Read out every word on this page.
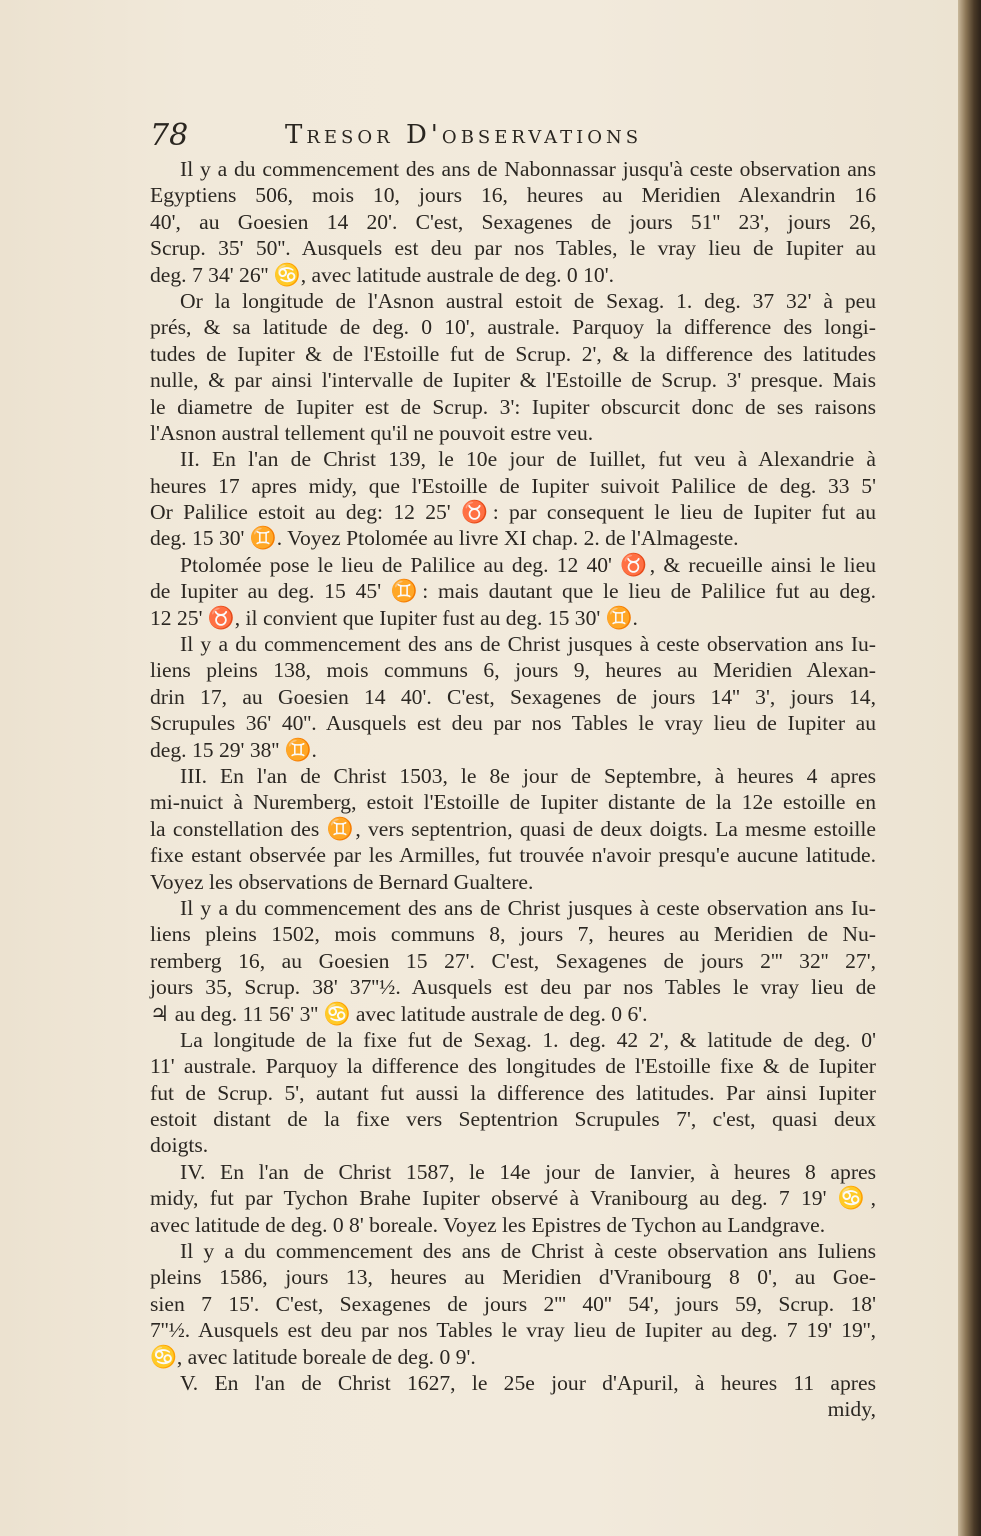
78	Tresor D'observations
Il y a du commencement des ans de Nabonnassar jusqu'à ceste observation ans
Egyptiens 506, mois 10, jours 16, heures au Meridien Alexandrin 16
40', au Goesien 14 20'. C'est, Sexagenes de jours 51'' 23', jours 26,
Scrup. 35' 50''. Ausquels est deu par nos Tables, le vray lieu de Iupiter au
deg. 7 34' 26'' ♋, avec latitude australe de deg. 0 10'.
Or la longitude de l'Asnon austral estoit de Sexag. 1. deg. 37 32' à peu
prés, & sa latitude de deg. 0 10', australe. Parquoy la difference des longi-
tudes de Iupiter & de l'Estoille fut de Scrup. 2', & la difference des latitudes
nulle, & par ainsi l'intervalle de Iupiter & l'Estoille de Scrup. 3' presque. Mais
le diametre de Iupiter est de Scrup. 3': Iupiter obscurcit donc de ses raisons
l'Asnon austral tellement qu'il ne pouvoit estre veu.
II. En l'an de Christ 139, le 10e jour de Iuillet, fut veu à Alexandrie à
heures 17 apres midy, que l'Estoille de Iupiter suivoit Palilice de deg. 33 5'
Or Palilice estoit au deg: 12 25' ♉: par consequent le lieu de Iupiter fut au
deg. 15 30' ♊. Voyez Ptolomée au livre XI chap. 2. de l'Almageste.
Ptolomée pose le lieu de Palilice au deg. 12 40' ♉, & recueille ainsi le lieu
de Iupiter au deg. 15 45' ♊: mais dautant que le lieu de Palilice fut au deg.
12 25' ♉, il convient que Iupiter fust au deg. 15 30' ♊.
Il y a du commencement des ans de Christ jusques à ceste observation ans Iu-
liens pleins 138, mois communs 6, jours 9, heures au Meridien Alexan-
drin 17, au Goesien 14 40'. C'est, Sexagenes de jours 14'' 3', jours 14,
Scrupules 36' 40''. Ausquels est deu par nos Tables le vray lieu de Iupiter au
deg. 15 29' 38'' ♊.
III. En l'an de Christ 1503, le 8e jour de Septembre, à heures 4 apres
mi-nuict à Nuremberg, estoit l'Estoille de Iupiter distante de la 12e estoille en
la constellation des ♊, vers septentrion, quasi de deux doigts. La mesme estoille
fixe estant observée par les Armilles, fut trouvée n'avoir presqu'e aucune latitude.
Voyez les observations de Bernard Gualtere.
Il y a du commencement des ans de Christ jusques à ceste observation ans Iu-
liens pleins 1502, mois communs 8, jours 7, heures au Meridien de Nu-
remberg 16, au Goesien 15 27'. C'est, Sexagenes de jours 2''' 32'' 27',
jours 35, Scrup. 38' 37''½. Ausquels est deu par nos Tables le vray lieu de
♃ au deg. 11 56' 3'' ♋ avec latitude australe de deg. 0 6'.
La longitude de la fixe fut de Sexag. 1. deg. 42 2', & latitude de deg. 0'
11' australe. Parquoy la difference des longitudes de l'Estoille fixe & de Iupiter
fut de Scrup. 5', autant fut aussi la difference des latitudes. Par ainsi Iupiter
estoit distant de la fixe vers Septentrion Scrupules 7', c'est, quasi deux
doigts.
IV. En l'an de Christ 1587, le 14e jour de Ianvier, à heures 8 apres
midy, fut par Tychon Brahe Iupiter observé à Vranibourg au deg. 7 19' ♋,
avec latitude de deg. 0 8' boreale. Voyez les Epistres de Tychon au Landgrave.
Il y a du commencement des ans de Christ à ceste observation ans Iuliens
pleins 1586, jours 13, heures au Meridien d'Vranibourg 8 0', au Goe-
sien 7 15'. C'est, Sexagenes de jours 2''' 40'' 54', jours 59, Scrup. 18'
7''½. Ausquels est deu par nos Tables le vray lieu de Iupiter au deg. 7 19' 19'',
♋, avec latitude boreale de deg. 0 9'.
V. En l'an de Christ 1627, le 25e jour d'Apuril, à heures 11 apres
midy,
